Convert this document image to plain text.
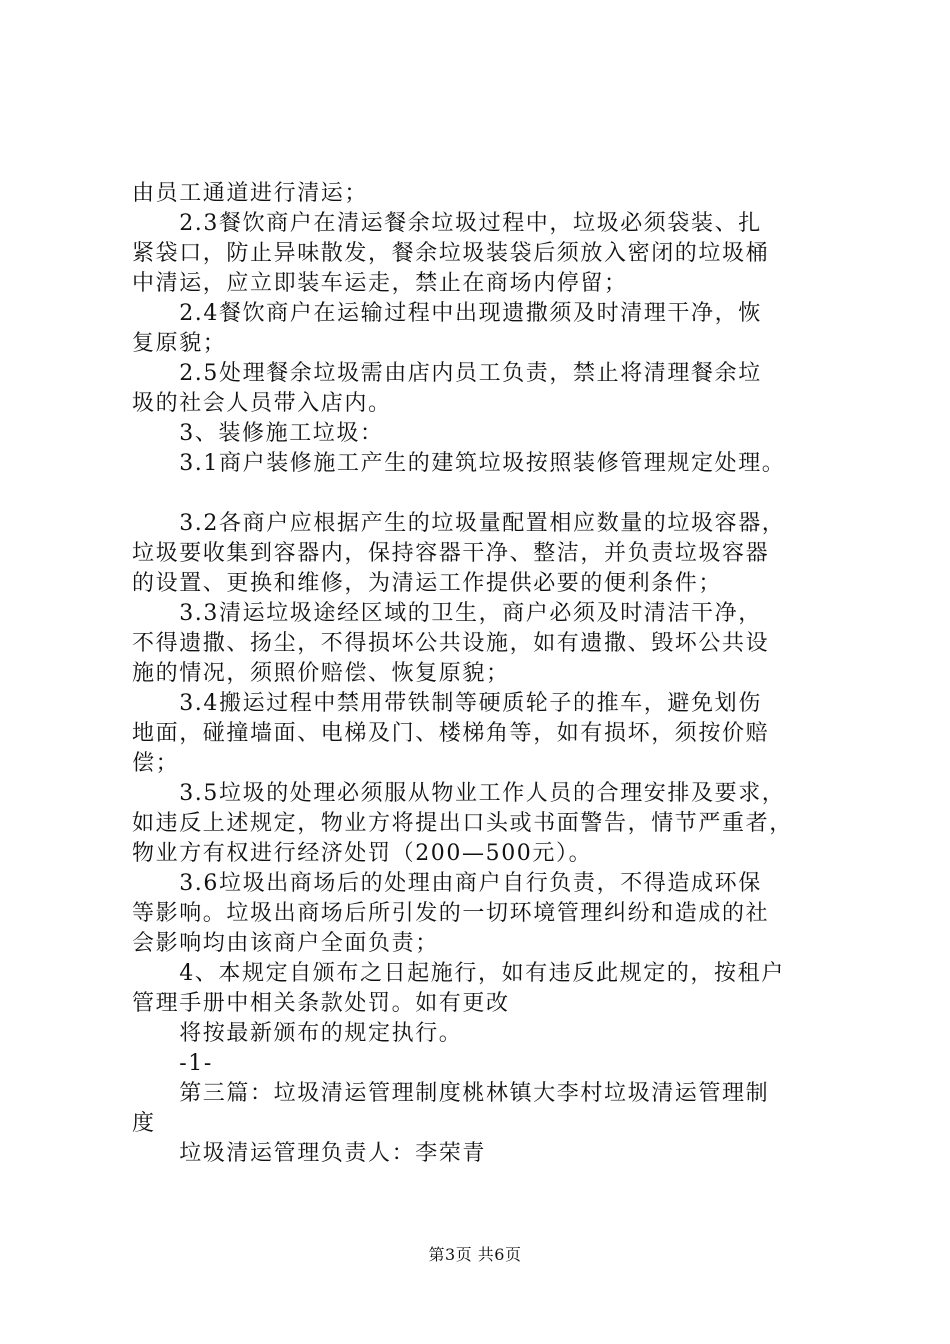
由员工通道进行清运；
　　2.3餐饮商户在清运餐余垃圾过程中，垃圾必须袋装、扎
紧袋口，防止异味散发，餐余垃圾装袋后须放入密闭的垃圾桶
中清运，应立即装车运走，禁止在商场内停留；
　　2.4餐饮商户在运输过程中出现遗撒须及时清理干净，恢
复原貌；
　　2.5处理餐余垃圾需由店内员工负责，禁止将清理餐余垃
圾的社会人员带入店内。
　　3、装修施工垃圾：
　　3.1商户装修施工产生的建筑垃圾按照装修管理规定处理。
　　3.2各商户应根据产生的垃圾量配置相应数量的垃圾容器，
垃圾要收集到容器内，保持容器干净、整洁，并负责垃圾容器
的设置、更换和维修，为清运工作提供必要的便利条件；
　　3.3清运垃圾途经区域的卫生，商户必须及时清洁干净，
不得遗撒、扬尘，不得损坏公共设施，如有遗撒、毁坏公共设
施的情况，须照价赔偿、恢复原貌；
　　3.4搬运过程中禁用带铁制等硬质轮子的推车，避免划伤
地面，碰撞墙面、电梯及门、楼梯角等，如有损坏，须按价赔
偿；
　　3.5垃圾的处理必须服从物业工作人员的合理安排及要求，
如违反上述规定，物业方将提出口头或书面警告，情节严重者，
物业方有权进行经济处罚（200—500元）。
　　3.6垃圾出商场后的处理由商户自行负责，不得造成环保
等影响。垃圾出商场后所引发的一切环境管理纠纷和造成的社
会影响均由该商户全面负责；
　　4、本规定自颁布之日起施行，如有违反此规定的，按租户
管理手册中相关条款处罚。如有更改
　　将按最新颁布的规定执行。
　　-1-
　　第三篇：垃圾清运管理制度桃林镇大李村垃圾清运管理制
度
　　垃圾清运管理负责人：李荣青
第3页 共6页
